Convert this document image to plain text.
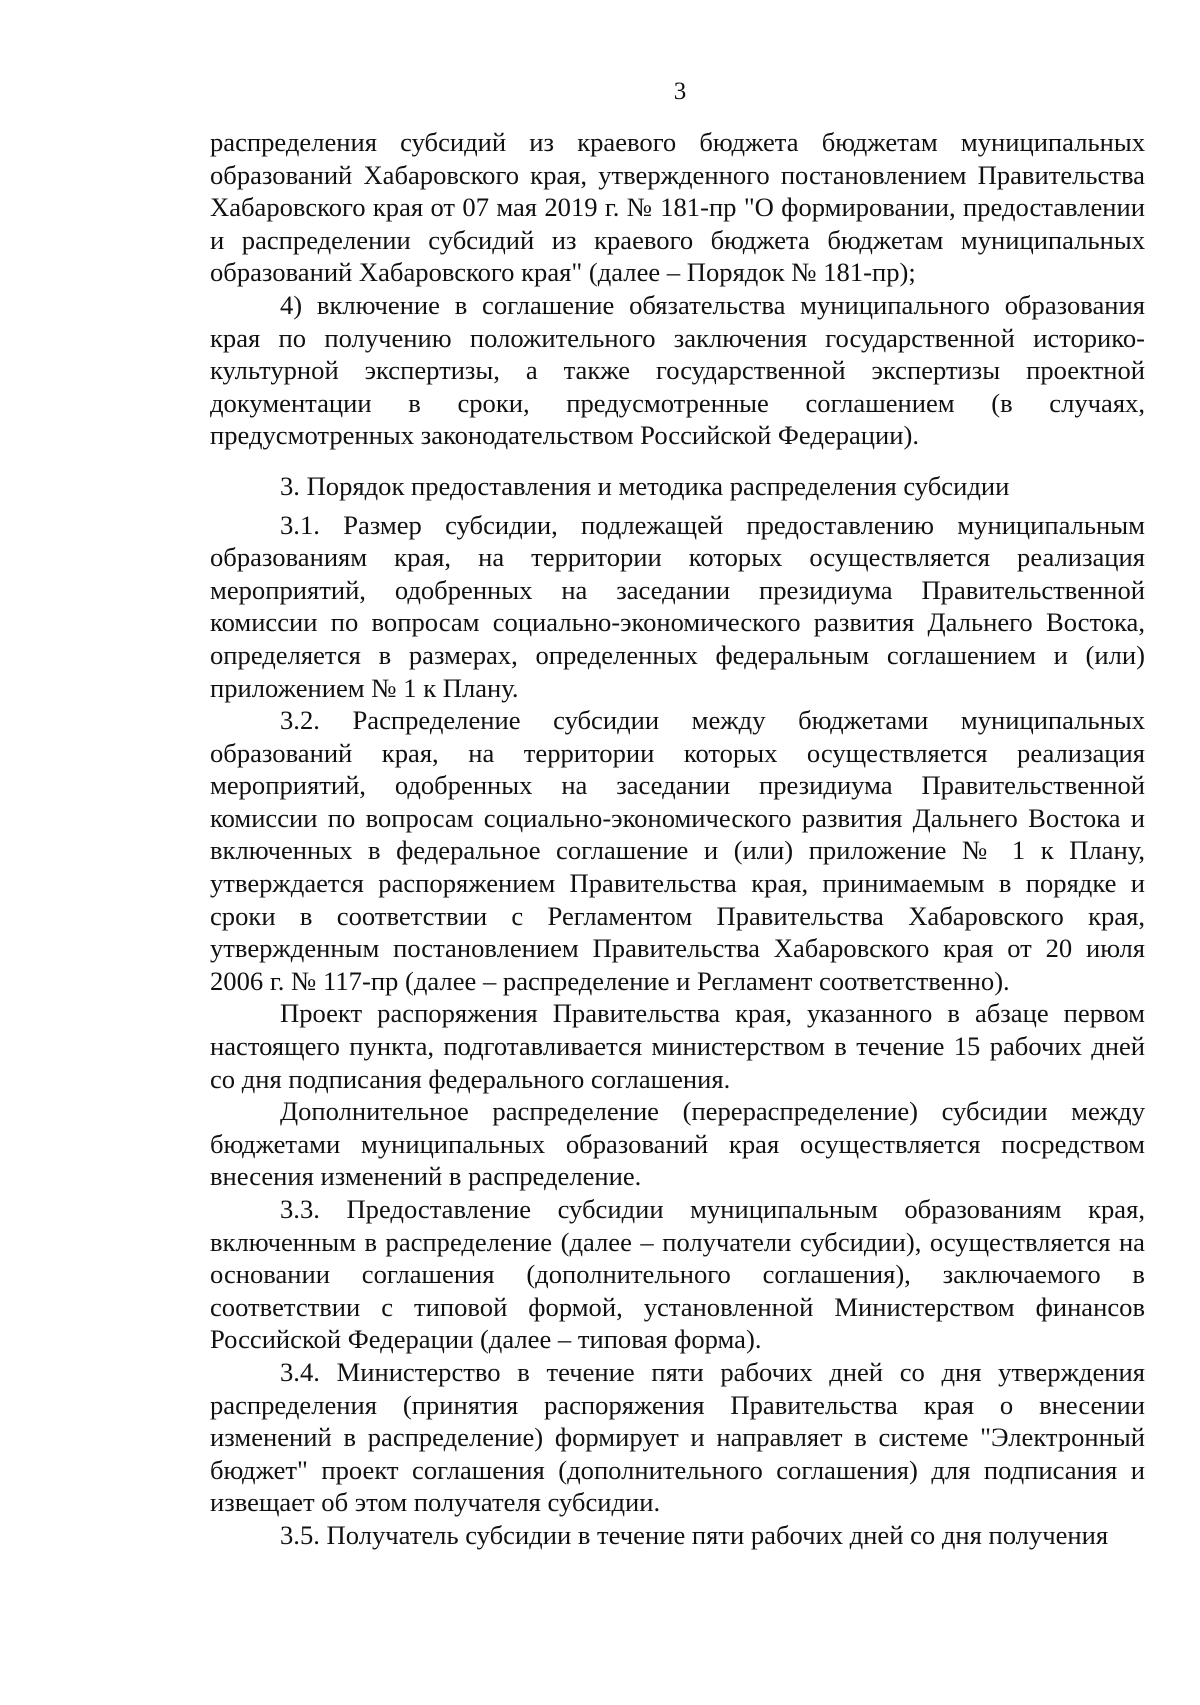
3

распределения субсидий из краевого бюджета бюджетам муниципальных образований Хабаровского края, утвержденного постановлением Правительства Хабаровского края от 07 мая 2019 г. № 181-пр "О формировании, предоставлении и распределении субсидий из краевого бюджета бюджетам муниципальных образований Хабаровского края" (далее – Порядок № 181-пр);

4) включение в соглашение обязательства муниципального образования края по получению положительного заключения государственной историко-культурной экспертизы, а также государственной экспертизы проектной документации в сроки, предусмотренные соглашением (в случаях, предусмотренных законодательством Российской Федерации).

3. Порядок предоставления и методика распределения субсидии

3.1. Размер субсидии, подлежащей предоставлению муниципальным образованиям края, на территории которых осуществляется реализация мероприятий, одобренных на заседании президиума Правительственной комиссии по вопросам социально-экономического развития Дальнего Востока, определяется в размерах, определенных федеральным соглашением и (или) приложением № 1 к Плану.

3.2. Распределение субсидии между бюджетами муниципальных образований края, на территории которых осуществляется реализация мероприятий, одобренных на заседании президиума Правительственной комиссии по вопросам социально-экономического развития Дальнего Востока и включенных в федеральное соглашение и (или) приложение № 1 к Плану, утверждается распоряжением Правительства края, принимаемым в порядке и сроки в соответствии с Регламентом Правительства Хабаровского края, утвержденным постановлением Правительства Хабаровского края от 20 июля 2006 г. № 117-пр (далее – распределение и Регламент соответственно).

Проект распоряжения Правительства края, указанного в абзаце первом настоящего пункта, подготавливается министерством в течение 15 рабочих дней со дня подписания федерального соглашения.

Дополнительное распределение (перераспределение) субсидии между бюджетами муниципальных образований края осуществляется посредством внесения изменений в распределение.

3.3. Предоставление субсидии муниципальным образованиям края, включенным в распределение (далее – получатели субсидии), осуществляется на основании соглашения (дополнительного соглашения), заключаемого в соответствии с типовой формой, установленной Министерством финансов Российской Федерации (далее – типовая форма).

3.4. Министерство в течение пяти рабочих дней со дня утверждения распределения (принятия распоряжения Правительства края о внесении изменений в распределение) формирует и направляет в системе "Электронный бюджет" проект соглашения (дополнительного соглашения) для подписания и извещает об этом получателя субсидии.

3.5. Получатель субсидии в течение пяти рабочих дней со дня получения
